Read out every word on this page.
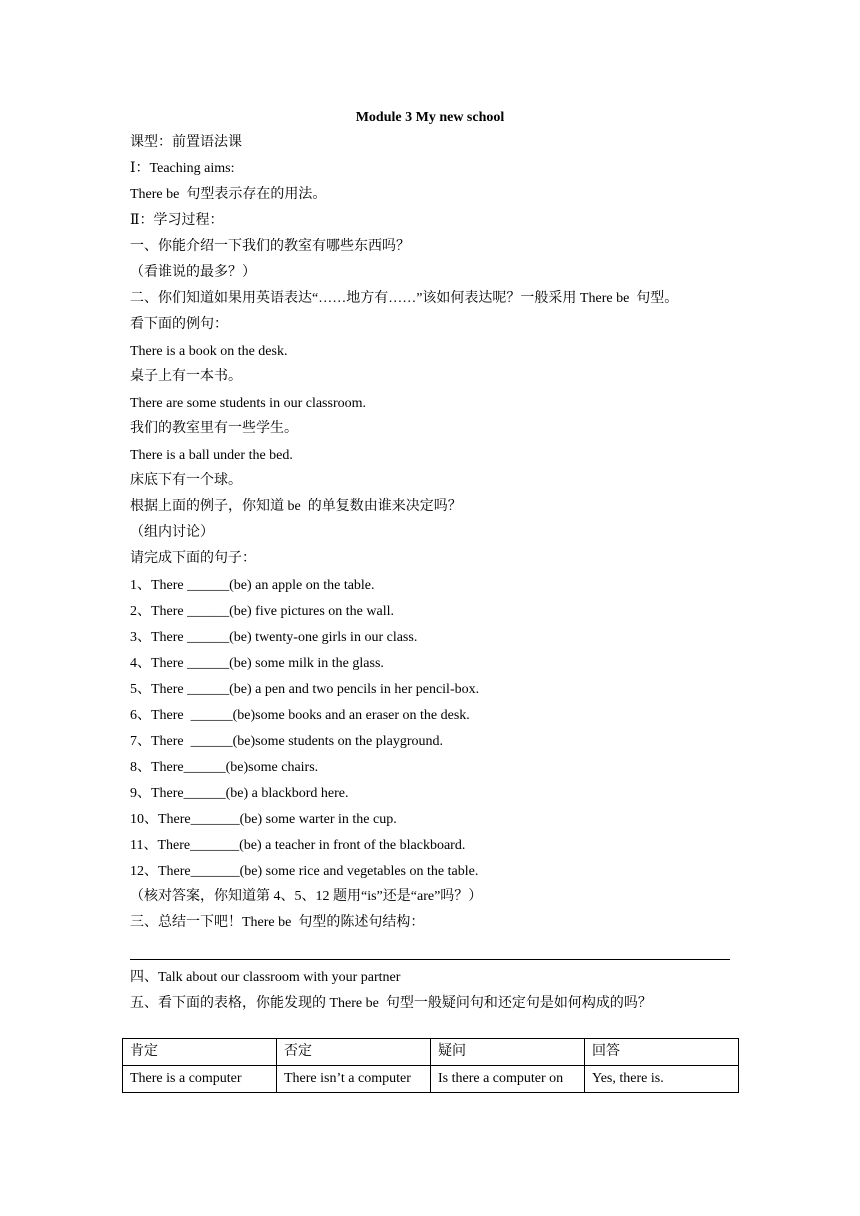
Module 3 My new school
课型：前置语法课
Ⅰ：Teaching aims:
There be  句型表示存在的用法。
Ⅱ：学习过程：
一、你能介绍一下我们的教室有哪些东西吗？
（看谁说的最多？）
二、你们知道如果用英语表达“……地方有……”该如何表达呢？一般采用 There be  句型。
看下面的例句：
There is a book on the desk.
桌子上有一本书。
There are some students in our classroom.
我们的教室里有一些学生。
There is a ball under the bed.
床底下有一个球。
根据上面的例子，你知道 be  的单复数由谁来决定吗？
（组内讨论）
请完成下面的句子：
1、There ______(be) an apple on the table.
2、There ______(be) five pictures on the wall.
3、There ______(be) twenty-one girls in our class.
4、There ______(be) some milk in the glass.
5、There ______(be) a pen and two pencils in her pencil-box.
6、There  ______(be)some books and an eraser on the desk.
7、There  ______(be)some students on the playground.
8、There______(be)some chairs.
9、There______(be) a blackbord here.
10、There_______(be) some warter in the cup.
11、There_______(be) a teacher in front of the blackboard.
12、There_______(be) some rice and vegetables on the table.
（核对答案，你知道第 4、5、12 题用“is”还是“are”吗？）
三、总结一下吧！There be  句型的陈述句结构：
四、Talk about our classroom with your partner
五、看下面的表格，你能发现的 There be  句型一般疑问句和还定句是如何构成的吗？
肯定	否定	疑问	回答
There is a computer	There isn’t a computer	Is there a computer on	Yes, there is.
